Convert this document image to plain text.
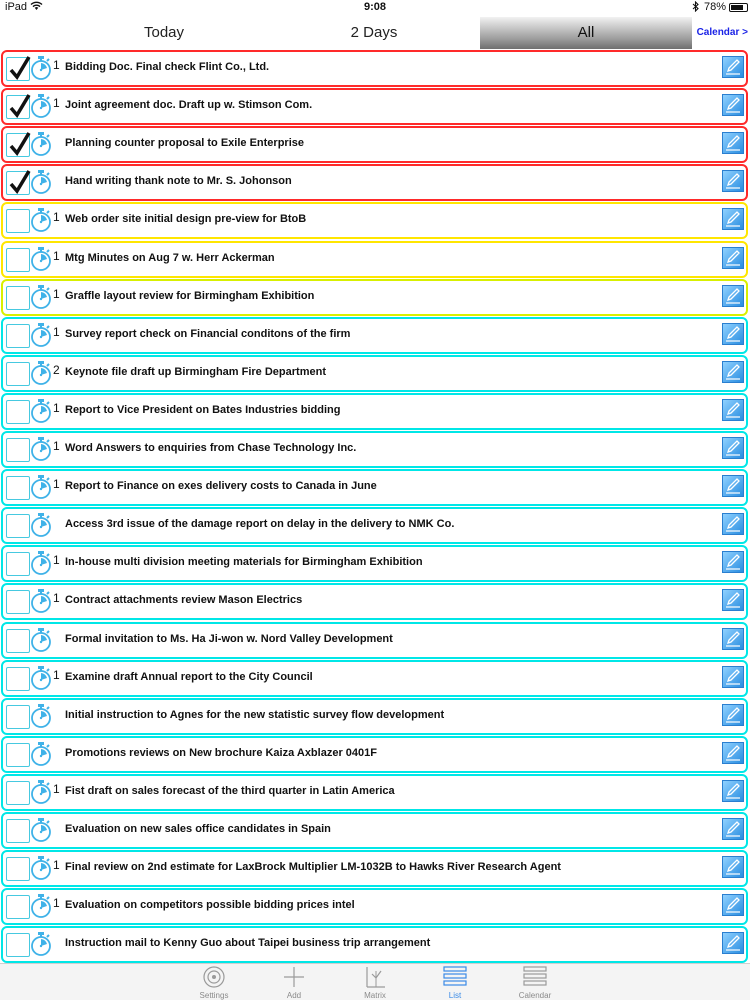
iPad	9:08	78%
Today	2 Days	All	Calendar >
1 Bidding Doc. Final check Flint Co., Ltd.
1 Joint agreement doc. Draft up w. Stimson Com.
Planning counter proposal to Exile Enterprise
Hand writing thank note to Mr. S. Johonson
1 Web order site initial design pre-view for BtoB
1 Mtg Minutes on Aug 7 w. Herr Ackerman
1 Graffle layout review for Birmingham Exhibition
1 Survey report check on Financial conditons of the firm
2 Keynote file draft up Birmingham Fire Department
1 Report to Vice President on Bates Industries bidding
1 Word Answers to enquiries from Chase Technology Inc.
1 Report to Finance on exes delivery costs to Canada in June
Access 3rd issue of the damage report on delay in the delivery to NMK Co.
1 In-house multi division meeting materials for Birmingham Exhibition
1 Contract attachments review Mason Electrics
Formal invitation to Ms. Ha Ji-won w. Nord Valley Development
1 Examine draft Annual report to the City Council
Initial instruction to Agnes for the new statistic survey flow development
Promotions reviews on New brochure Kaiza Axblazer 0401F
1 Fist draft on sales forecast of the third quarter in Latin America
Evaluation on new sales office candidates in Spain
1 Final review on 2nd estimate for LaxBrock Multiplier LM-1032B to Hawks River Research Agent
1 Evaluation on competitors possible bidding prices intel
Instruction mail to Kenny Guo about Taipei business trip arrangement
Settings	Add	Matrix	List	Calendar
